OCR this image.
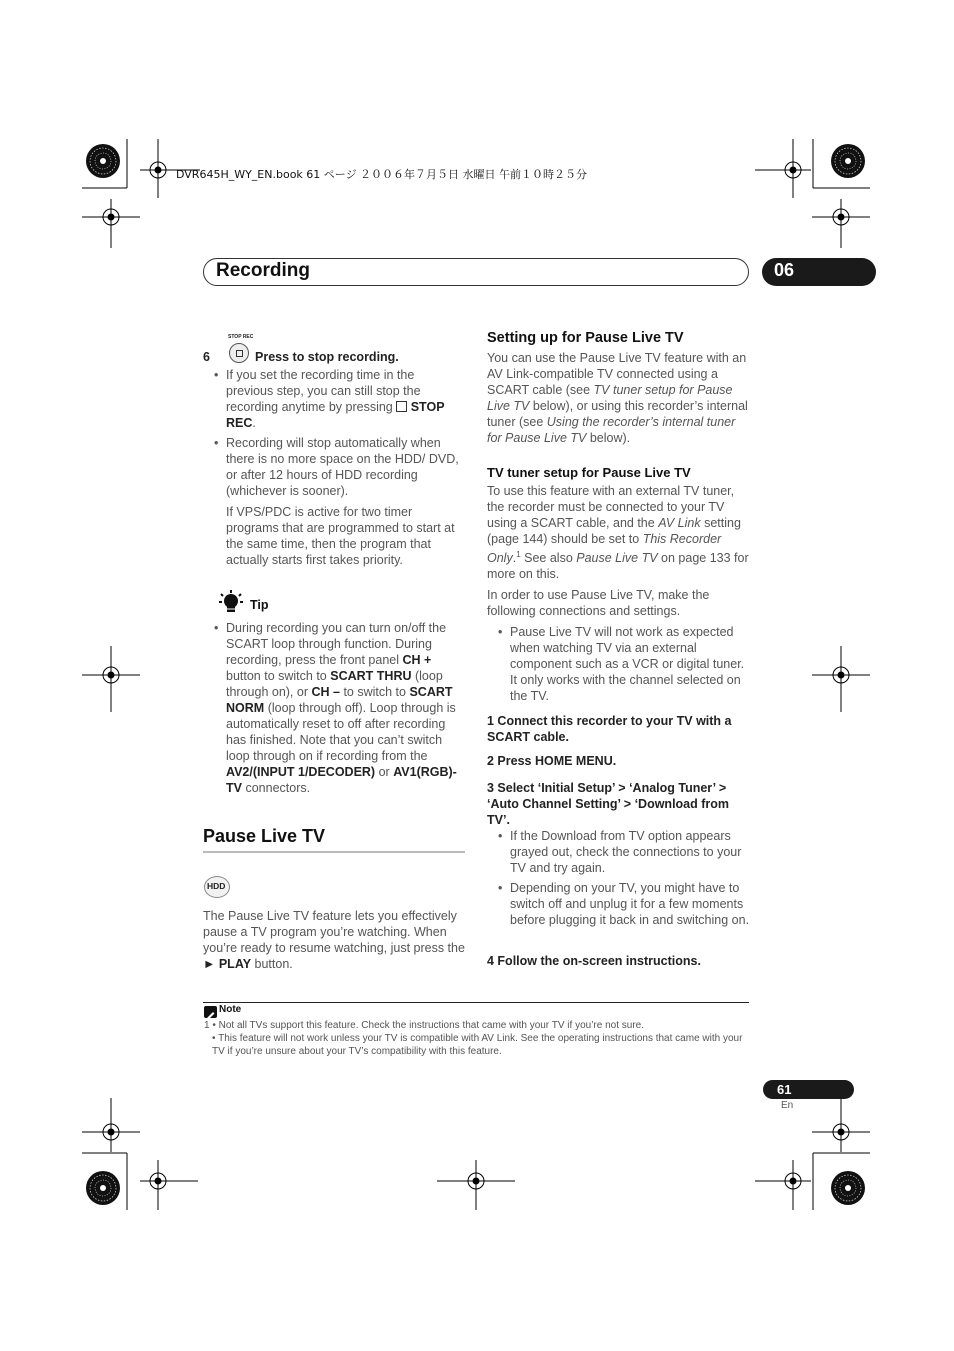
DVR645H_WY_EN.book 61 ページ ２００６年７月５日 水曜日 午前１０時２５分
Recording	06
STOP REC
6	Press to stop recording.
• If you set the recording time in the previous step, you can still stop the recording anytime by pressing STOP REC.
• Recording will stop automatically when there is no more space on the HDD/ DVD, or after 12 hours of HDD recording (whichever is sooner).
If VPS/PDC is active for two timer programs that are programmed to start at the same time, then the program that actually starts first takes priority.
Tip
• During recording you can turn on/off the SCART loop through function. During recording, press the front panel CH + button to switch to SCART THRU (loop through on), or CH – to switch to SCART NORM (loop through off). Loop through is automatically reset to off after recording has finished. Note that you can’t switch loop through on if recording from the AV2/(INPUT 1/DECODER) or AV1(RGB)-TV connectors.
Pause Live TV
HDD
The Pause Live TV feature lets you effectively pause a TV program you’re watching. When you’re ready to resume watching, just press the ► PLAY button.
Setting up for Pause Live TV
You can use the Pause Live TV feature with an AV Link-compatible TV connected using a SCART cable (see TV tuner setup for Pause Live TV below), or using this recorder’s internal tuner (see Using the recorder’s internal tuner for Pause Live TV below).
TV tuner setup for Pause Live TV
To use this feature with an external TV tuner, the recorder must be connected to your TV using a SCART cable, and the AV Link setting (page 144) should be set to This Recorder Only.$^1$ See also Pause Live TV on page 133 for more on this.
In order to use Pause Live TV, make the following connections and settings.
• Pause Live TV will not work as expected when watching TV via an external component such as a VCR or digital tuner. It only works with the channel selected on the TV.
1 Connect this recorder to your TV with a SCART cable.
2 Press HOME MENU.
3 Select ‘Initial Setup’ > ‘Analog Tuner’ > ‘Auto Channel Setting’ > ‘Download from TV’.
• If the Download from TV option appears grayed out, check the connections to your TV and try again.
• Depending on your TV, you might have to switch off and unplug it for a few moments before plugging it back in and switching on.
4 Follow the on-screen instructions.
Note
1 • Not all TVs support this feature. Check the instructions that came with your TV if you’re not sure.
• This feature will not work unless your TV is compatible with AV Link. See the operating instructions that came with your TV if you’re unsure about your TV’s compatibility with this feature.
61
En
